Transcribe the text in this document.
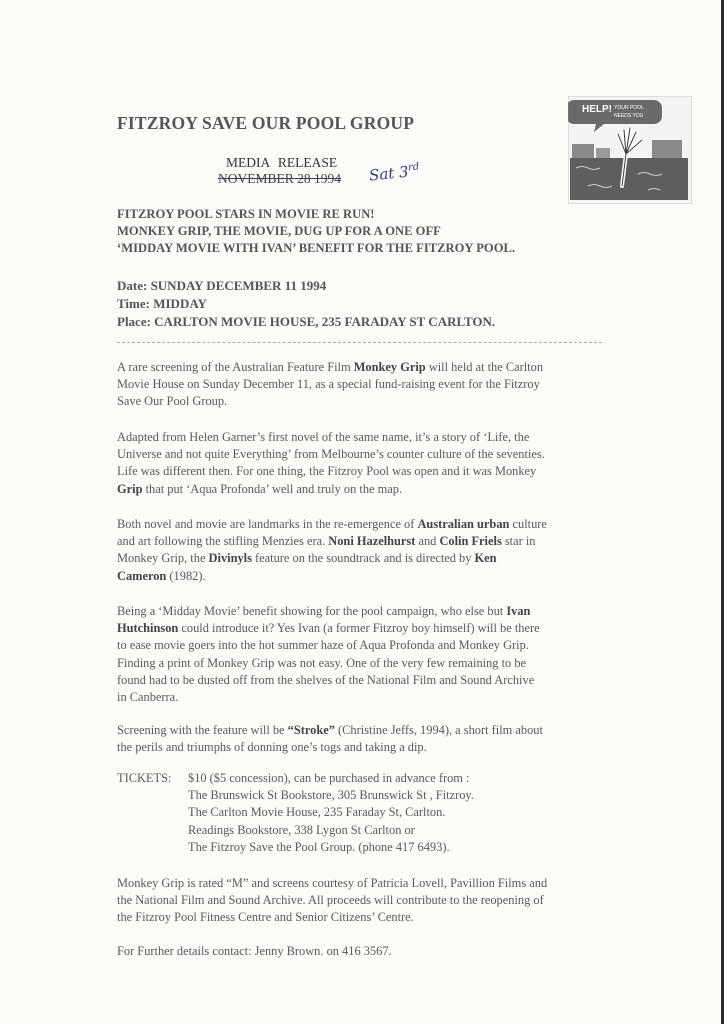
FITZROY SAVE OUR POOL GROUP
HELP! YOUR POOL
NEEDS YOU
MEDIA RELEASE
NOVEMBER 28 1994 Sat 3rd
FITZROY POOL STARS IN MOVIE RE RUN!
MONKEY GRIP, THE MOVIE, DUG UP FOR A ONE OFF
‘MIDDAY MOVIE WITH IVAN’ BENEFIT FOR THE FITZROY POOL.
Date: SUNDAY DECEMBER 11 1994
Time: MIDDAY
Place: CARLTON MOVIE HOUSE, 235 FARADAY ST CARLTON.
A rare screening of the Australian Feature Film Monkey Grip will held at the Carlton
Movie House on Sunday December 11, as a special fund-raising event for the Fitzroy
Save Our Pool Group.
Adapted from Helen Garner’s first novel of the same name, it’s a story of ‘Life, the
Universe and not quite Everything’ from Melbourne’s counter culture of the seventies.
Life was different then. For one thing, the Fitzroy Pool was open and it was Monkey
Grip that put ‘Aqua Profonda’ well and truly on the map.
Both novel and movie are landmarks in the re-emergence of Australian urban culture
and art following the stifling Menzies era. Noni Hazelhurst and Colin Friels star in
Monkey Grip, the Divinyls feature on the soundtrack and is directed by Ken
Cameron (1982).
Being a ‘Midday Movie’ benefit showing for the pool campaign, who else but Ivan
Hutchinson could introduce it? Yes Ivan (a former Fitzroy boy himself) will be there
to ease movie goers into the hot summer haze of Aqua Profonda and Monkey Grip.
Finding a print of Monkey Grip was not easy. One of the very few remaining to be
found had to be dusted off from the shelves of the National Film and Sound Archive
in Canberra.
Screening with the feature will be “Stroke” (Christine Jeffs, 1994), a short film about
the perils and triumphs of donning one’s togs and taking a dip.
TICKETS: $10 ($5 concession), can be purchased in advance from :
The Brunswick St Bookstore, 305 Brunswick St , Fitzroy.
The Carlton Movie House, 235 Faraday St, Carlton.
Readings Bookstore, 338 Lygon St Carlton or
The Fitzroy Save the Pool Group. (phone 417 6493).
Monkey Grip is rated “M” and screens courtesy of Patricia Lovell, Pavillion Films and
the National Film and Sound Archive. All proceeds will contribute to the reopening of
the Fitzroy Pool Fitness Centre and Senior Citizens’ Centre.
For Further details contact: Jenny Brown. on 416 3567.
